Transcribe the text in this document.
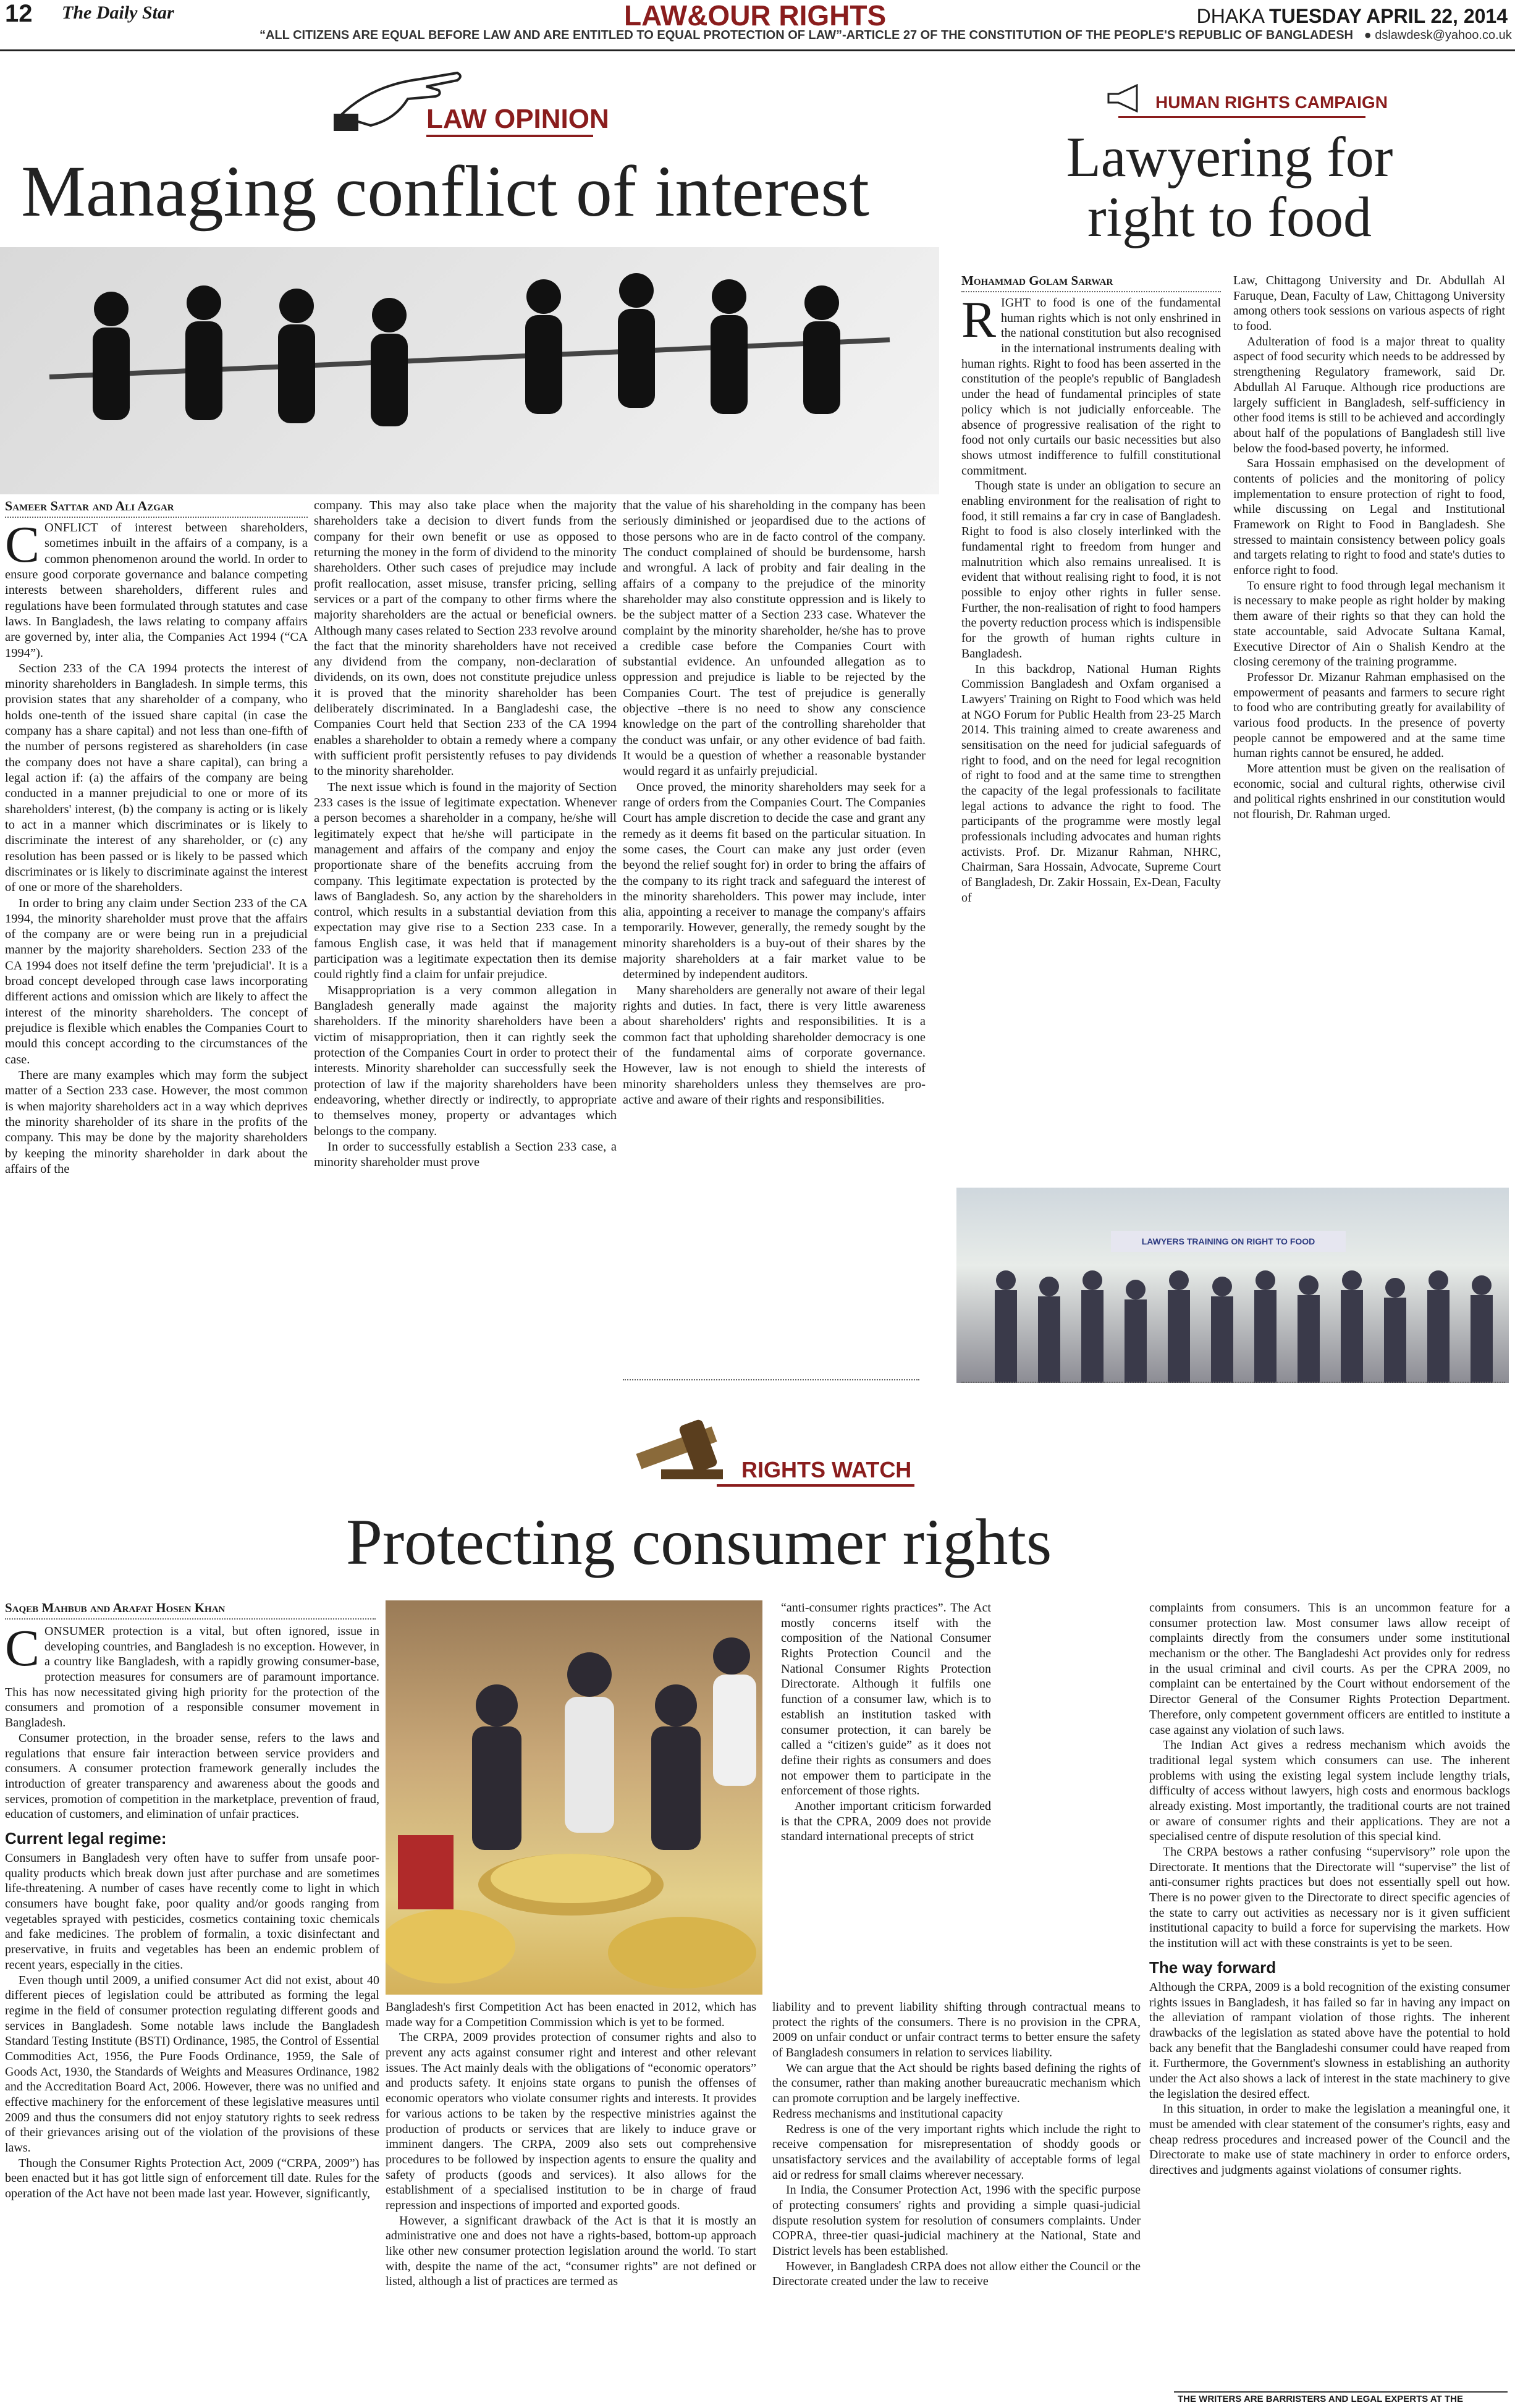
12 The Daily Star	LAW&OUR RIGHTS	DHAKA TUESDAY APRIL 22, 2014
“ALL CITIZENS ARE EQUAL BEFORE LAW AND ARE ENTITLED TO EQUAL PROTECTION OF LAW”-ARTICLE 27 OF THE CONSTITUTION OF THE PEOPLE'S REPUBLIC OF BANGLADESH ● dslawdesk@yahoo.co.uk
LAW OPINION
Managing conflict of interest
Sameer Sattar and Ali Azgar

CONFLICT of interest between shareholders, sometimes inbuilt in the affairs of a company, is a common phenomenon around the world. In order to ensure good corporate governance and balance competing interests between shareholders, different rules and regulations have been formulated through statutes and case laws. In Bangladesh, the laws relating to company affairs are governed by, inter alia, the Companies Act 1994 (“CA 1994”).

Section 233 of the CA 1994 protects the interest of minority shareholders in Bangladesh. In simple terms, this provision states that any shareholder of a company, who holds one-tenth of the issued share capital (in case the company has a share capital) and not less than one-fifth of the number of persons registered as shareholders (in case the company does not have a share capital), can bring a legal action if: (a) the affairs of the company are being conducted in a manner prejudicial to one or more of its shareholders' interest, (b) the company is acting or is likely to act in a manner which discriminates or is likely to discriminate the interest of any shareholder, or (c) any resolution has been passed or is likely to be passed which discriminates or is likely to discriminate against the interest of one or more of the shareholders.

In order to bring any claim under Section 233 of the CA 1994, the minority shareholder must prove that the affairs of the company are or were being run in a prejudicial manner by the majority shareholders. Section 233 of the CA 1994 does not itself define the term 'prejudicial'. It is a broad concept developed through case laws incorporating different actions and omission which are likely to affect the interest of the minority shareholders. The concept of prejudice is flexible which enables the Companies Court to mould this concept according to the circumstances of the case.

There are many examples which may form the subject matter of a Section 233 case. However, the most common is when majority shareholders act in a way which deprives the minority shareholder of its share in the profits of the company. This may be done by the majority shareholders by keeping the minority shareholder in dark about the affairs of the

company. This may also take place when the majority shareholders take a decision to divert funds from the company for their own benefit or use as opposed to returning the money in the form of dividend to the minority shareholders. Other such cases of prejudice may include profit reallocation, asset misuse, transfer pricing, selling services or a part of the company to other firms where the majority shareholders are the actual or beneficial owners. Although many cases related to Section 233 revolve around the fact that the minority shareholders have not received any dividend from the company, non-declaration of dividends, on its own, does not constitute prejudice unless it is proved that the minority shareholder has been deliberately discriminated. In a Bangladeshi case, the Companies Court held that Section 233 of the CA 1994 enables a shareholder to obtain a remedy where a company with sufficient profit persistently refuses to pay dividends to the minority shareholder.

The next issue which is found in the majority of Section 233 cases is the issue of legitimate expectation. Whenever a person becomes a shareholder in a company, he/she will legitimately expect that he/she will participate in the management and affairs of the company and enjoy the proportionate share of the benefits accruing from the company. This legitimate expectation is protected by the laws of Bangladesh. So, any action by the shareholders in control, which results in a substantial deviation from this expectation may give rise to a Section 233 case. In a famous English case, it was held that if management participation was a legitimate expectation then its demise could rightly find a claim for unfair prejudice.

Misappropriation is a very common allegation in Bangladesh generally made against the majority shareholders. If the minority shareholders have been a victim of misappropriation, then it can rightly seek the protection of the Companies Court in order to protect their interests. Minority shareholder can successfully seek the protection of law if the majority shareholders have been endeavoring, whether directly or indirectly, to appropriate to themselves money, property or advantages which belongs to the company.

In order to successfully establish a Section 233 case, a minority shareholder must prove

that the value of his shareholding in the company has been seriously diminished or jeopardised due to the actions of those persons who are in de facto control of the company. The conduct complained of should be burdensome, harsh and wrongful. A lack of probity and fair dealing in the affairs of a company to the prejudice of the minority shareholder may also constitute oppression and is likely to be the subject matter of a Section 233 case. Whatever the complaint by the minority shareholder, he/she has to prove a credible case before the Companies Court with substantial evidence. An unfounded allegation as to oppression and prejudice is liable to be rejected by the Companies Court. The test of prejudice is generally objective –there is no need to show any conscience knowledge on the part of the controlling shareholder that the conduct was unfair, or any other evidence of bad faith. It would be a question of whether a reasonable bystander would regard it as unfairly prejudicial.

Once proved, the minority shareholders may seek for a range of orders from the Companies Court. The Companies Court has ample discretion to decide the case and grant any remedy as it deems fit based on the particular situation. In some cases, the Court can make any just order (even beyond the relief sought for) in order to bring the affairs of the company to its right track and safeguard the interest of the minority shareholders. This power may include, inter alia, appointing a receiver to manage the company's affairs temporarily. However, generally, the remedy sought by the minority shareholders is a buy-out of their shares by the majority shareholders at a fair market value to be determined by independent auditors.

Many shareholders are generally not aware of their legal rights and duties. In fact, there is very little awareness about shareholders' rights and responsibilities. It is a common fact that upholding shareholder democracy is one of the fundamental aims of corporate governance. However, law is not enough to shield the interests of minority shareholders unless they themselves are pro-active and aware of their rights and responsibilities.

HUMAN RIGHTS CAMPAIGN
Lawyering for
right to food
Mohammad Golam Sarwar

RIGHT to food is one of the fundamental human rights which is not only enshrined in the national constitution but also recognised in the international instruments dealing with human rights. Right to food has been asserted in the constitution of the people's republic of Bangladesh under the head of fundamental principles of state policy which is not judicially enforceable. The absence of progressive realisation of the right to food not only curtails our basic necessities but also shows utmost indifference to fulfill constitutional commitment.

Though state is under an obligation to secure an enabling environment for the realisation of right to food, it still remains a far cry in case of Bangladesh. Right to food is also closely interlinked with the fundamental right to freedom from hunger and malnutrition which also remains unrealised. It is evident that without realising right to food, it is not possible to enjoy other rights in fuller sense. Further, the non-realisation of right to food hampers the poverty reduction process which is indispensible for the growth of human rights culture in Bangladesh.

In this backdrop, National Human Rights Commission Bangladesh and Oxfam organised a Lawyers' Training on Right to Food which was held at NGO Forum for Public Health from 23-25 March 2014. This training aimed to create awareness and sensitisation on the need for judicial safeguards of right to food, and on the need for legal recognition of right to food and at the same time to strengthen the capacity of the legal professionals to facilitate legal actions to advance the right to food. The participants of the programme were mostly legal professionals including advocates and human rights activists. Prof. Dr. Mizanur Rahman, NHRC, Chairman, Sara Hossain, Advocate, Supreme Court of Bangladesh, Dr. Zakir Hossain, Ex-Dean, Faculty of

Law, Chittagong University and Dr. Abdullah Al Faruque, Dean, Faculty of Law, Chittagong University among others took sessions on various aspects of right to food.

Adulteration of food is a major threat to quality aspect of food security which needs to be addressed by strengthening Regulatory framework, said Dr. Abdullah Al Faruque. Although rice productions are largely sufficient in Bangladesh, self-sufficiency in other food items is still to be achieved and accordingly about half of the populations of Bangladesh still live below the food-based poverty, he informed.

Sara Hossain emphasised on the development of contents of policies and the monitoring of policy implementation to ensure protection of right to food, while discussing on Legal and Institutional Framework on Right to Food in Bangladesh. She stressed to maintain consistency between policy goals and targets relating to right to food and state's duties to enforce right to food.

To ensure right to food through legal mechanism it is necessary to make people as right holder by making them aware of their rights so that they can hold the state accountable, said Advocate Sultana Kamal, Executive Director of Ain o Shalish Kendro at the closing ceremony of the training programme.

Professor Dr. Mizanur Rahman emphasised on the empowerment of peasants and farmers to secure right to food who are contributing greatly for availability of various food products. In the presence of poverty people cannot be empowered and at the same time human rights cannot be ensured, he added.

More attention must be given on the realisation of economic, social and cultural rights, otherwise civil and political rights enshrined in our constitution would not flourish, Dr. Rahman urged.

LAWYERS TRAINING ON RIGHT TO FOOD
RIGHTS WATCH
Protecting consumer rights
Saqeb Mahbub and Arafat Hosen Khan

CONSUMER protection is a vital, but often ignored, issue in developing countries, and Bangladesh is no exception. However, in a country like Bangladesh, with a rapidly growing consumer-base, protection measures for consumers are of paramount importance. This has now necessitated giving high priority for the protection of the consumers and promotion of a responsible consumer movement in Bangladesh.

Consumer protection, in the broader sense, refers to the laws and regulations that ensure fair interaction between service providers and consumers. A consumer protection framework generally includes the introduction of greater transparency and awareness about the goods and services, promotion of competition in the marketplace, prevention of fraud, education of customers, and elimination of unfair practices.

Current legal regime:

Consumers in Bangladesh very often have to suffer from unsafe poor-quality products which break down just after purchase and are sometimes life-threatening. A number of cases have recently come to light in which consumers have bought fake, poor quality and/or goods ranging from vegetables sprayed with pesticides, cosmetics containing toxic chemicals and fake medicines. The problem of formalin, a toxic disinfectant and preservative, in fruits and vegetables has been an endemic problem of recent years, especially in the cities.

Even though until 2009, a unified consumer Act did not exist, about 40 different pieces of legislation could be attributed as forming the legal regime in the field of consumer protection regulating different goods and services in Bangladesh. Some notable laws include the Bangladesh Standard Testing Institute (BSTI) Ordinance, 1985, the Control of Essential Commodities Act, 1956, the Pure Foods Ordinance, 1959, the Sale of Goods Act, 1930, the Standards of Weights and Measures Ordinance, 1982 and the Accreditation Board Act, 2006. However, there was no unified and effective machinery for the enforcement of these legislative measures until 2009 and thus the consumers did not enjoy statutory rights to seek redress of their grievances arising out of the violation of the provisions of these laws.

Though the Consumer Rights Protection Act, 2009 (“CRPA, 2009”) has been enacted but it has got little sign of enforcement till date. Rules for the operation of the Act have not been made last year. However, significantly,

Bangladesh's first Competition Act has been enacted in 2012, which has made way for a Competition Commission which is yet to be formed.

The CRPA, 2009 provides protection of consumer rights and also to prevent any acts against consumer right and interest and other relevant issues. The Act mainly deals with the obligations of “economic operators” and products safety. It enjoins state organs to punish the offenses of economic operators who violate consumer rights and interests. It provides for various actions to be taken by the respective ministries against the production of products or services that are likely to induce grave or imminent dangers. The CRPA, 2009 also sets out comprehensive procedures to be followed by inspection agents to ensure the quality and safety of products (goods and services). It also allows for the establishment of a specialised institution to be in charge of fraud repression and inspections of imported and exported goods.

However, a significant drawback of the Act is that it is mostly an administrative one and does not have a rights-based, bottom-up approach like other new consumer protection legislation around the world. To start with, despite the name of the act, “consumer rights” are not defined or listed, although a list of practices are termed as

“anti-consumer rights practices”. The Act mostly concerns itself with the composition of the National Consumer Rights Protection Council and the National Consumer Rights Protection Directorate. Although it fulfils one function of a consumer law, which is to establish an institution tasked with consumer protection, it can barely be called a “citizen's guide” as it does not define their rights as consumers and does not empower them to participate in the enforcement of those rights.

Another important criticism forwarded is that the CPRA, 2009 does not provide standard international precepts of strict

liability and to prevent liability shifting through contractual means to protect the rights of the consumers. There is no provision in the CPRA, 2009 on unfair conduct or unfair contract terms to better ensure the safety of Bangladesh consumers in relation to services liability.

We can argue that the Act should be rights based defining the rights of the consumer, rather than making another bureaucratic mechanism which can promote corruption and be largely ineffective.

Redress mechanisms and institutional capacity

Redress is one of the very important rights which include the right to receive compensation for misrepresentation of shoddy goods or unsatisfactory services and the availability of acceptable forms of legal aid or redress for small claims wherever necessary.

In India, the Consumer Protection Act, 1996 with the specific purpose of protecting consumers' rights and providing a simple quasi-judicial dispute resolution system for resolution of consumers complaints. Under COPRA, three-tier quasi-judicial machinery at the National, State and District levels has been established.

However, in Bangladesh CRPA does not allow either the Council or the Directorate created under the law to receive

complaints from consumers. This is an uncommon feature for a consumer protection law. Most consumer laws allow receipt of complaints directly from the consumers under some institutional mechanism or the other. The Bangladeshi Act provides only for redress in the usual criminal and civil courts. As per the CPRA 2009, no complaint can be entertained by the Court without endorsement of the Director General of the Consumer Rights Protection Department. Therefore, only competent government officers are entitled to institute a case against any violation of such laws.

The Indian Act gives a redress mechanism which avoids the traditional legal system which consumers can use. The inherent problems with using the existing legal system include lengthy trials, difficulty of access without lawyers, high costs and enormous backlogs already existing. Most importantly, the traditional courts are not trained or aware of consumer rights and their applications. They are not a specialised centre of dispute resolution of this special kind.

The CRPA bestows a rather confusing “supervisory” role upon the Directorate. It mentions that the Directorate will “supervise” the list of anti-consumer rights practices but does not essentially spell out how. There is no power given to the Directorate to direct specific agencies of the state to carry out activities as necessary nor is it given sufficient institutional capacity to build a force for supervising the markets. How the institution will act with these constraints is yet to be seen.

The way forward

Although the CRPA, 2009 is a bold recognition of the existing consumer rights issues in Bangladesh, it has failed so far in having any impact on the alleviation of rampant violation of those rights. The inherent drawbacks of the legislation as stated above have the potential to hold back any benefit that the Bangladeshi consumer could have reaped from it. Furthermore, the Government's slowness in establishing an authority under the Act also shows a lack of interest in the state machinery to give the legislation the desired effect.

In this situation, in order to make the legislation a meaningful one, it must be amended with clear statement of the consumer's rights, easy and cheap redress procedures and increased power of the Council and the Directorate to make use of state machinery in order to enforce orders, directives and judgments against violations of consumer rights.

THE WRITERS ARE BARRISTERS AND LEGAL EXPERTS AT THE
